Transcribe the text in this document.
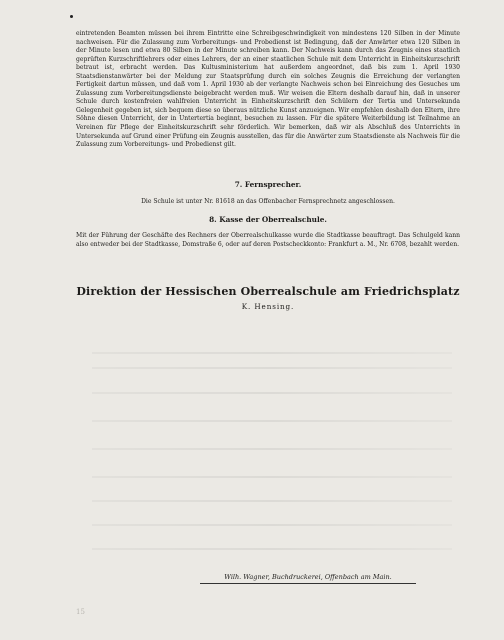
eintretenden Beamten müssen bei ihrem Eintritte eine Schreibgeschwindigkeit von mindestens 120 Silben in der Minute nachweisen. Für die Zulassung zum Vorbereitungs- und Probedienst ist Bedingung, daß der Anwärter etwa 120 Silben in der Minute lesen und etwa 80 Silben in der Minute schreiben kann. Der Nachweis kann durch das Zeugnis eines staatlich geprüften Kurzschriftlehrers oder eines Lehrers, der an einer staatlichen Schule mit dem Unterricht in Einheitskurzschrift betraut ist, erbracht werden. Das Kultusministerium hat außerdem angeordnet, daß bis zum 1. April 1930 Staatsdienstanwärter bei der Meldung zur Staatsprüfung durch ein solches Zeugnis die Erreichung der verlangten Fertigkeit dartun müssen, und daß vom 1. April 1930 ab der verlangte Nachweis schon bei Einreichung des Gesuches um Zulassung zum Vorbereitungsdienste beigebracht werden muß. Wir weisen die Eltern deshalb darauf hin, daß in unserer Schule durch kostenfreien wahlfreien Unterricht in Einheitskurzschrift den Schülern der Tertia und Untersekunda Gelegenheit gegeben ist, sich bequem diese so überaus nützliche Kunst anzueignen. Wir empfehlen deshalb den Eltern, ihre Söhne diesen Unterricht, der in Untertertia beginnt, besuchen zu lassen. Für die spätere Weiterbildung ist Teilnahme an Vereinen für Pflege der Einheitskurzschrift sehr förderlich. Wir bemerken, daß wir als Abschluß des Unterrichts in Untersekunda auf Grund einer Prüfung ein Zeugnis ausstellen, das für die Anwärter zum Staatsdienste als Nachweis für die Zulassung zum Vorbereitungs- und Probedienst gilt.

7. Fernsprecher.

Die Schule ist unter Nr. 81618 an das Offenbacher Fernsprechnetz angeschlossen.

8. Kasse der Oberrealschule.

Mit der Führung der Geschäfte des Rechners der Oberrealschulkasse wurde die Stadtkasse beauftragt. Das Schulgeld kann also entweder bei der Stadtkasse, Domstraße 6, oder auf deren Postscheckkonto: Frankfurt a. M., Nr. 6708, bezahlt werden.

Direktion der Hessischen Oberrealschule am Friedrichsplatz

K. Hensing.

Wilh. Wagner, Buchdruckerei, Offenbach am Main.

15
